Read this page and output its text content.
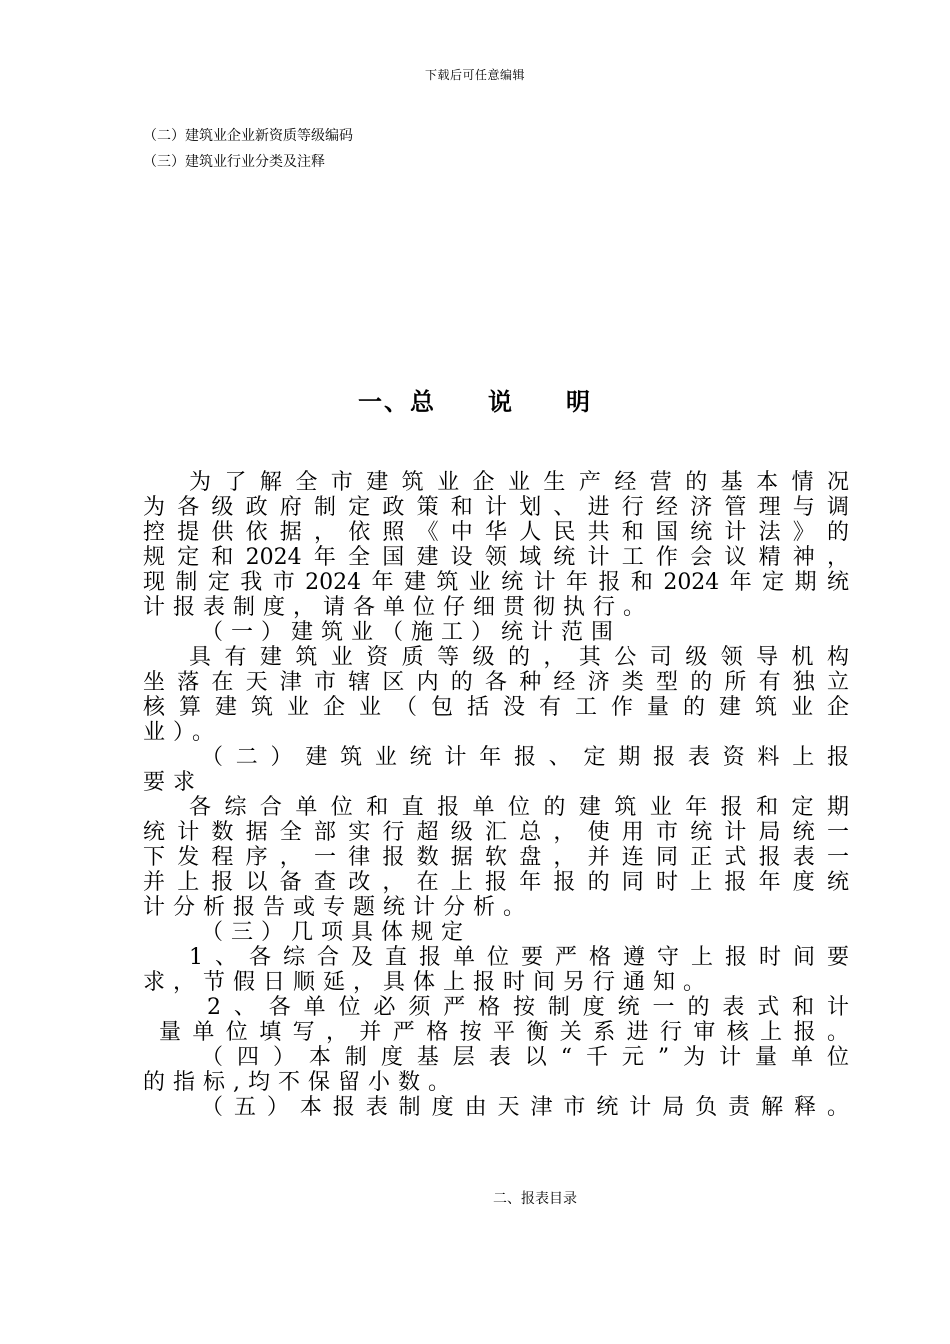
下载后可任意编辑
（二）建筑业企业新资质等级编码
（三）建筑业行业分类及注释
一、总　　说　　明
为了解全市建筑业企业生产经营的基本情况
为各级政府制定政策和计划、进行经济管理与调
控提供依据，依照《中华人民共和国统计法》的
规定和2024年全国建设领域统计工作会议精神，
现制定我市2024年建筑业统计年报和2024年定期统
计报表制度，请各单位仔细贯彻执行。
（一）建筑业（施工）统计范围
具有建筑业资质等级的，其公司级领导机构
坐落在天津市辖区内的各种经济类型的所有独立
核算建筑业企业（包括没有工作量的建筑业企
业）。
（二）建筑业统计年报、定期报表资料上报
要求
各综合单位和直报单位的建筑业年报和定期
统计数据全部实行超级汇总，使用市统计局统一
下发程序，一律报数据软盘，并连同正式报表一
并上报以备查改，在上报年报的同时上报年度统
计分析报告或专题统计分析。
（三）几项具体规定
1、各综合及直报单位要严格遵守上报时间要
求，节假日顺延，具体上报时间另行通知。
2、各单位必须严格按制度统一的表式和计
量单位填写，并严格按平衡关系进行审核上报。
（四）本制度基层表以“千元”为计量单位
的指标,均不保留小数。
（五）本报表制度由天津市统计局负责解释。
二、报表目录
